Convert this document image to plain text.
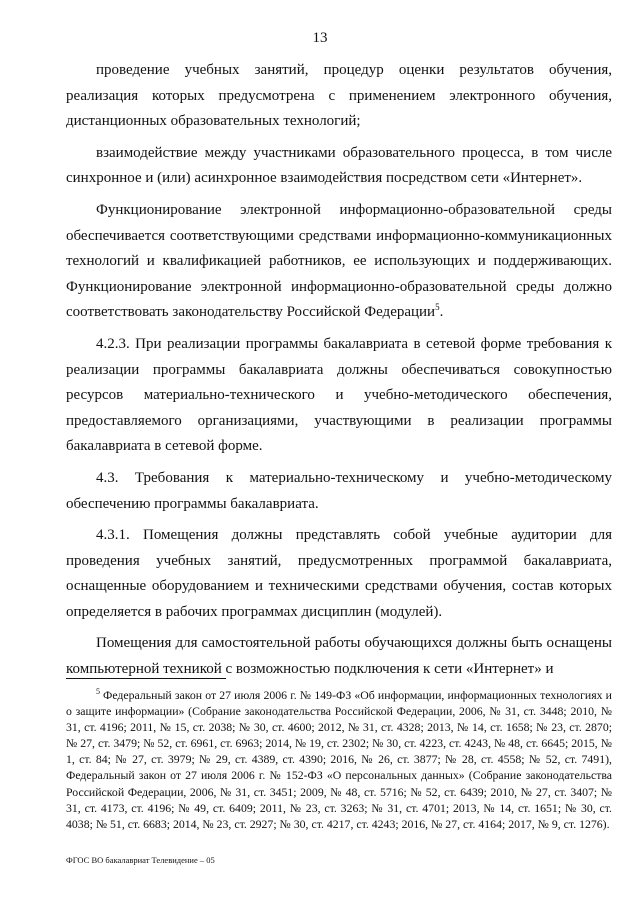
13

проведение учебных занятий, процедур оценки результатов обучения, реализация которых предусмотрена с применением электронного обучения, дистанционных образовательных технологий;

взаимодействие между участниками образовательного процесса, в том числе синхронное и (или) асинхронное взаимодействия посредством сети «Интернет».

Функционирование электронной информационно-образовательной среды обеспечивается соответствующими средствами информационно-коммуникационных технологий и квалификацией работников, ее использующих и поддерживающих. Функционирование электронной информационно-образовательной среды должно соответствовать законодательству Российской Федерации$^5$.

4.2.3. При реализации программы бакалавриата в сетевой форме требования к реализации программы бакалавриата должны обеспечиваться совокупностью ресурсов материально-технического и учебно-методического обеспечения, предоставляемого организациями, участвующими в реализации программы бакалавриата в сетевой форме.

4.3. Требования к материально-техническому и учебно-методическому обеспечению программы бакалавриата.

4.3.1. Помещения должны представлять собой учебные аудитории для проведения учебных занятий, предусмотренных программой бакалавриата, оснащенные оборудованием и техническими средствами обучения, состав которых определяется в рабочих программах дисциплин (модулей).

Помещения для самостоятельной работы обучающихся должны быть оснащены компьютерной техникой с возможностью подключения к сети «Интернет» и

$^5$ Федеральный закон от 27 июля 2006 г. № 149-ФЗ «Об информации, информационных технологиях и о защите информации» (Собрание законодательства Российской Федерации, 2006, № 31, ст. 3448; 2010, № 31, ст. 4196; 2011, № 15, ст. 2038; № 30, ст. 4600; 2012, № 31, ст. 4328; 2013, № 14, ст. 1658; № 23, ст. 2870; № 27, ст. 3479; № 52, ст. 6961, ст. 6963; 2014, № 19, ст. 2302; № 30, ст. 4223, ст. 4243, № 48, ст. 6645; 2015, № 1, ст. 84; № 27, ст. 3979; № 29, ст. 4389, ст. 4390; 2016, № 26, ст. 3877; № 28, ст. 4558; № 52, ст. 7491), Федеральный закон от 27 июля 2006 г. № 152-ФЗ «О персональных данных» (Собрание законодательства Российской Федерации, 2006, № 31, ст. 3451; 2009, № 48, ст. 5716; № 52, ст. 6439; 2010, № 27, ст. 3407; № 31, ст. 4173, ст. 4196; № 49, ст. 6409; 2011, № 23, ст. 3263; № 31, ст. 4701; 2013, № 14, ст. 1651; № 30, ст. 4038; № 51, ст. 6683; 2014, № 23, ст. 2927; № 30, ст. 4217, ст. 4243; 2016, № 27, ст. 4164; 2017, № 9, ст. 1276).
ФГОС ВО бакалавриат Телевидение – 05
